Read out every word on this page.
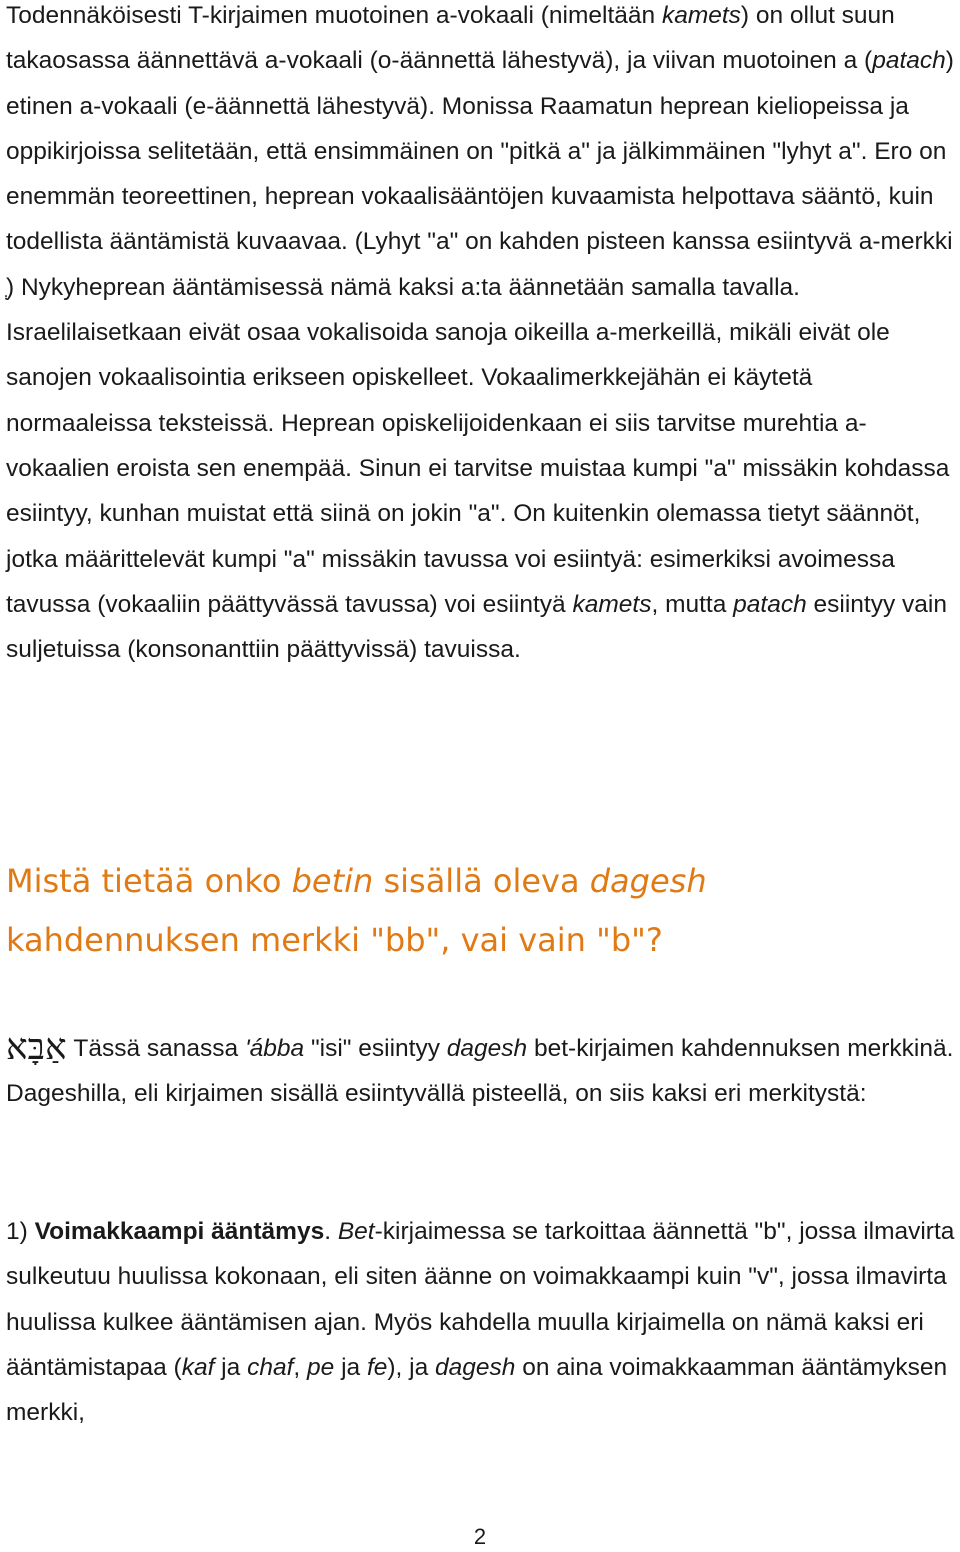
Todennäköisesti T-kirjaimen muotoinen a-vokaali (nimeltään kamets) on ollut suun takaosassa äännettävä a-vokaali (o-äännettä lähestyvä), ja viivan muotoinen a (patach) etinen a-vokaali (e-äännettä lähestyvä). Monissa Raamatun heprean kieliopeissa ja oppikirjoissa selitetään, että ensimmäinen on "pitkä a" ja jälkimmäinen "lyhyt a". Ero on enemmän teoreettinen, heprean vokaalisääntöjen kuvaamista helpottava sääntö, kuin todellista ääntämistä kuvaavaa. (Lyhyt "a" on kahden pisteen kanssa esiintyvä a-merkki ) Nykyheprean ääntämisessä nämä kaksi a:ta äännetään samalla tavalla. Israelilaisetkaan eivät osaa vokalisoida sanoja oikeilla a-merkeillä, mikäli eivät ole sanojen vokaalisointia erikseen opiskelleet. Vokaalimerkkejähän ei käytetä normaaleissa teksteissä. Heprean opiskelijoidenkaan ei siis tarvitse murehtia a-vokaalien eroista sen enempää. Sinun ei tarvitse muistaa kumpi "a" missäkin kohdassa esiintyy, kunhan muistat että siinä on jokin "a". On kuitenkin olemassa tietyt säännöt, jotka määrittelevät kumpi "a" missäkin tavussa voi esiintyä: esimerkiksi avoimessa tavussa (vokaaliin päättyvässä tavussa) voi esiintyä kamets, mutta patach esiintyy vain suljetuissa (konsonanttiin päättyvissä) tavuissa.

Mistä tietää onko betin sisällä oleva dagesh kahdennuksen merkki "bb", vai vain "b"?

אַבָּא Tässä sanassa 'ábba "isi" esiintyy dagesh bet-kirjaimen kahdennuksen merkkinä. Dageshilla, eli kirjaimen sisällä esiintyvällä pisteellä, on siis kaksi eri merkitystä:

1) Voimakkaampi ääntämys. Bet-kirjaimessa se tarkoittaa äännettä "b", jossa ilmavirta sulkeutuu huulissa kokonaan, eli siten äänne on voimakkaampi kuin "v", jossa ilmavirta huulissa kulkee ääntämisen ajan. Myös kahdella muulla kirjaimella on nämä kaksi eri ääntämistapaa (kaf ja chaf, pe ja fe), ja dagesh on aina voimakkaamman ääntämyksen merkki,

2
